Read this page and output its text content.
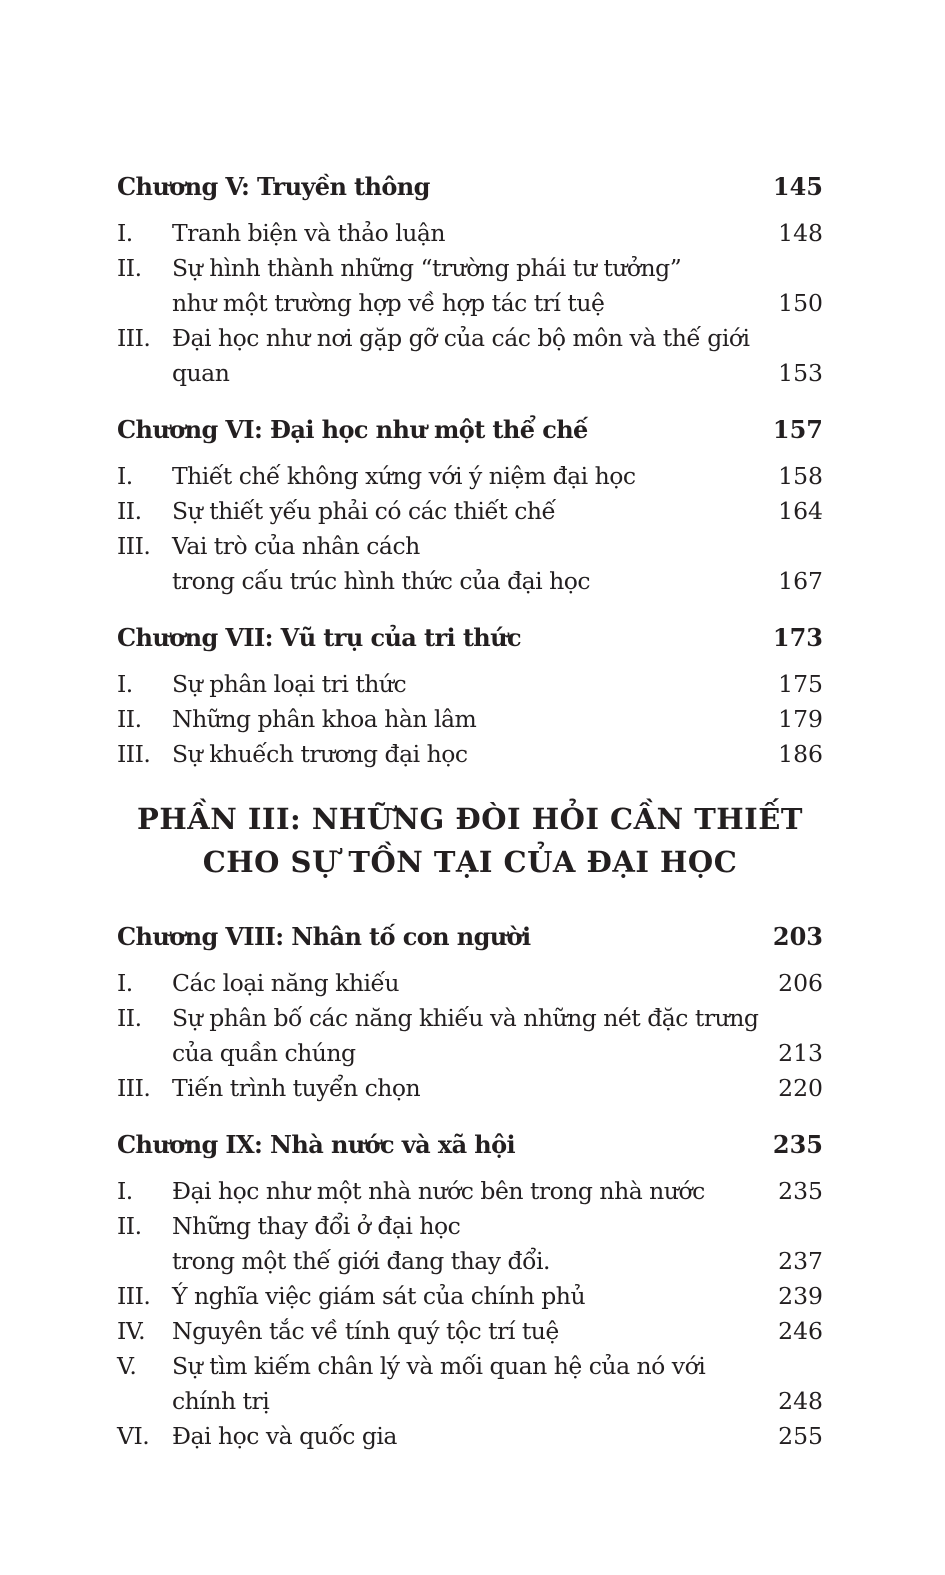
Chương V: Truyền thông	145
I.	Tranh biện và thảo luận	148
II.	Sự hình thành những “trường phái tư tưởng”
như một trường hợp về hợp tác trí tuệ	150
III. Đại học như nơi gặp gỡ của các bộ môn và thế giới quan	153
Chương VI: Đại học như một thể chế	157
I.	Thiết chế không xứng với ý niệm đại học	158
II.	Sự thiết yếu phải có các thiết chế	164
III. Vai trò của nhân cách
trong cấu trúc hình thức của đại học	167
Chương VII: Vũ trụ của tri thức	173
I.	Sự phân loại tri thức	175
II.	Những phân khoa hàn lâm	179
III. Sự khuếch trương đại học	186
PHẦN III: NHỮNG ĐÒI HỎI CẦN THIẾT
CHO SỰ TỒN TẠI CỦA ĐẠI HỌC
Chương VIII: Nhân tố con người	203
I.	Các loại năng khiếu	206
II.	Sự phân bố các năng khiếu và những nét đặc trưng
của quần chúng	213
III. Tiến trình tuyển chọn	220
Chương IX: Nhà nước và xã hội	235
I.	Đại học như một nhà nước bên trong nhà nước	235
II.	Những thay đổi ở đại học
trong một thế giới đang thay đổi.	237
III. Ý nghĩa việc giám sát của chính phủ	239
IV.	Nguyên tắc về tính quý tộc trí tuệ	246
V.	Sự tìm kiếm chân lý và mối quan hệ của nó với chính trị	248
VI. Đại học và quốc gia	255
